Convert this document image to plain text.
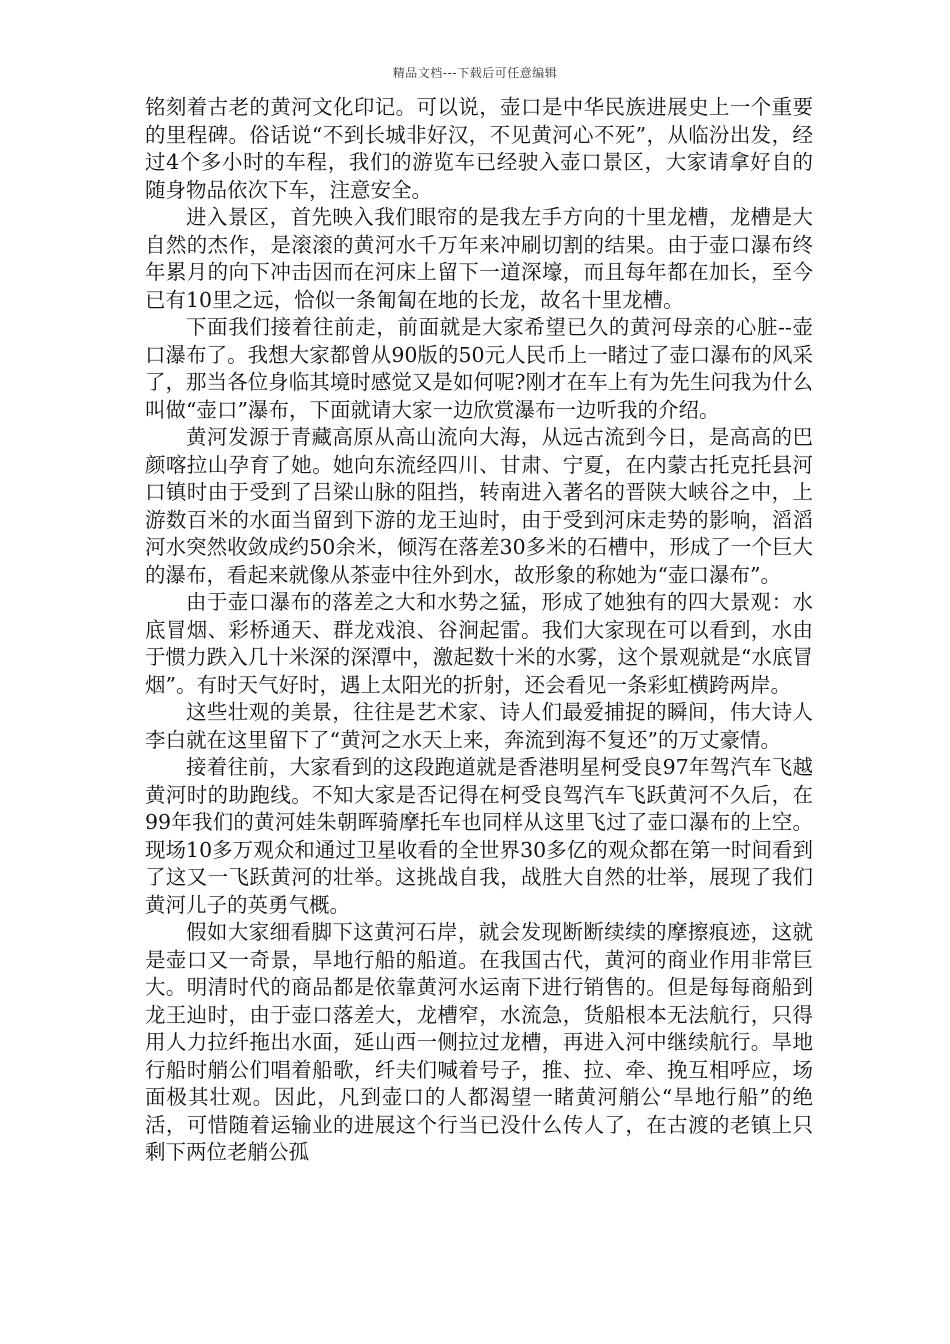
精品文档---下载后可任意编辑

铭刻着古老的黄河文化印记。可以说，壶口是中华民族进展史上一个重要的里程碑。俗话说“不到长城非好汉，不见黄河心不死”，从临汾出发，经过4个多小时的车程，我们的游览车已经驶入壶口景区，大家请拿好自的随身物品依次下车，注意安全。

进入景区，首先映入我们眼帘的是我左手方向的十里龙槽，龙槽是大自然的杰作，是滚滚的黄河水千万年来冲刷切割的结果。由于壶口瀑布终年累月的向下冲击因而在河床上留下一道深壕，而且每年都在加长，至今已有10里之远，恰似一条匍匐在地的长龙，故名十里龙槽。

下面我们接着往前走，前面就是大家希望已久的黄河母亲的心脏--壶口瀑布了。我想大家都曾从90版的50元人民币上一睹过了壶口瀑布的风采了，那当各位身临其境时感觉又是如何呢?刚才在车上有为先生问我为什么叫做“壶口”瀑布，下面就请大家一边欣赏瀑布一边听我的介绍。

黄河发源于青藏高原从高山流向大海，从远古流到今日，是高高的巴颜喀拉山孕育了她。她向东流经四川、甘肃、宁夏，在内蒙古托克托县河口镇时由于受到了吕梁山脉的阻挡，转南进入著名的晋陕大峡谷之中，上游数百米的水面当留到下游的龙王辿时，由于受到河床走势的影响，滔滔河水突然收敛成约50余米，倾泻在落差30多米的石槽中，形成了一个巨大的瀑布，看起来就像从茶壶中往外到水，故形象的称她为“壶口瀑布”。

由于壶口瀑布的落差之大和水势之猛，形成了她独有的四大景观：水底冒烟、彩桥通天、群龙戏浪、谷涧起雷。我们大家现在可以看到，水由于惯力跌入几十米深的深潭中，激起数十米的水雾，这个景观就是“水底冒烟”。有时天气好时，遇上太阳光的折射，还会看见一条彩虹横跨两岸。

这些壮观的美景，往往是艺术家、诗人们最爱捕捉的瞬间，伟大诗人李白就在这里留下了“黄河之水天上来，奔流到海不复还”的万丈豪情。

接着往前，大家看到的这段跑道就是香港明星柯受良97年驾汽车飞越黄河时的助跑线。不知大家是否记得在柯受良驾汽车飞跃黄河不久后，在99年我们的黄河娃朱朝晖骑摩托车也同样从这里飞过了壶口瀑布的上空。现场10多万观众和通过卫星收看的全世界30多亿的观众都在第一时间看到了这又一飞跃黄河的壮举。这挑战自我，战胜大自然的壮举，展现了我们黄河儿子的英勇气概。

假如大家细看脚下这黄河石岸，就会发现断断续续的摩擦痕迹，这就是壶口又一奇景，旱地行船的船道。在我国古代，黄河的商业作用非常巨大。明清时代的商品都是依靠黄河水运南下进行销售的。但是每每商船到龙王辿时，由于壶口落差大，龙槽窄，水流急，货船根本无法航行，只得用人力拉纤拖出水面，延山西一侧拉过龙槽，再进入河中继续航行。旱地行船时艄公们唱着船歌，纤夫们喊着号子，推、拉、牵、挽互相呼应，场面极其壮观。因此，凡到壶口的人都渴望一睹黄河艄公“旱地行船”的绝活，可惜随着运输业的进展这个行当已没什么传人了，在古渡的老镇上只剩下两位老艄公孤
